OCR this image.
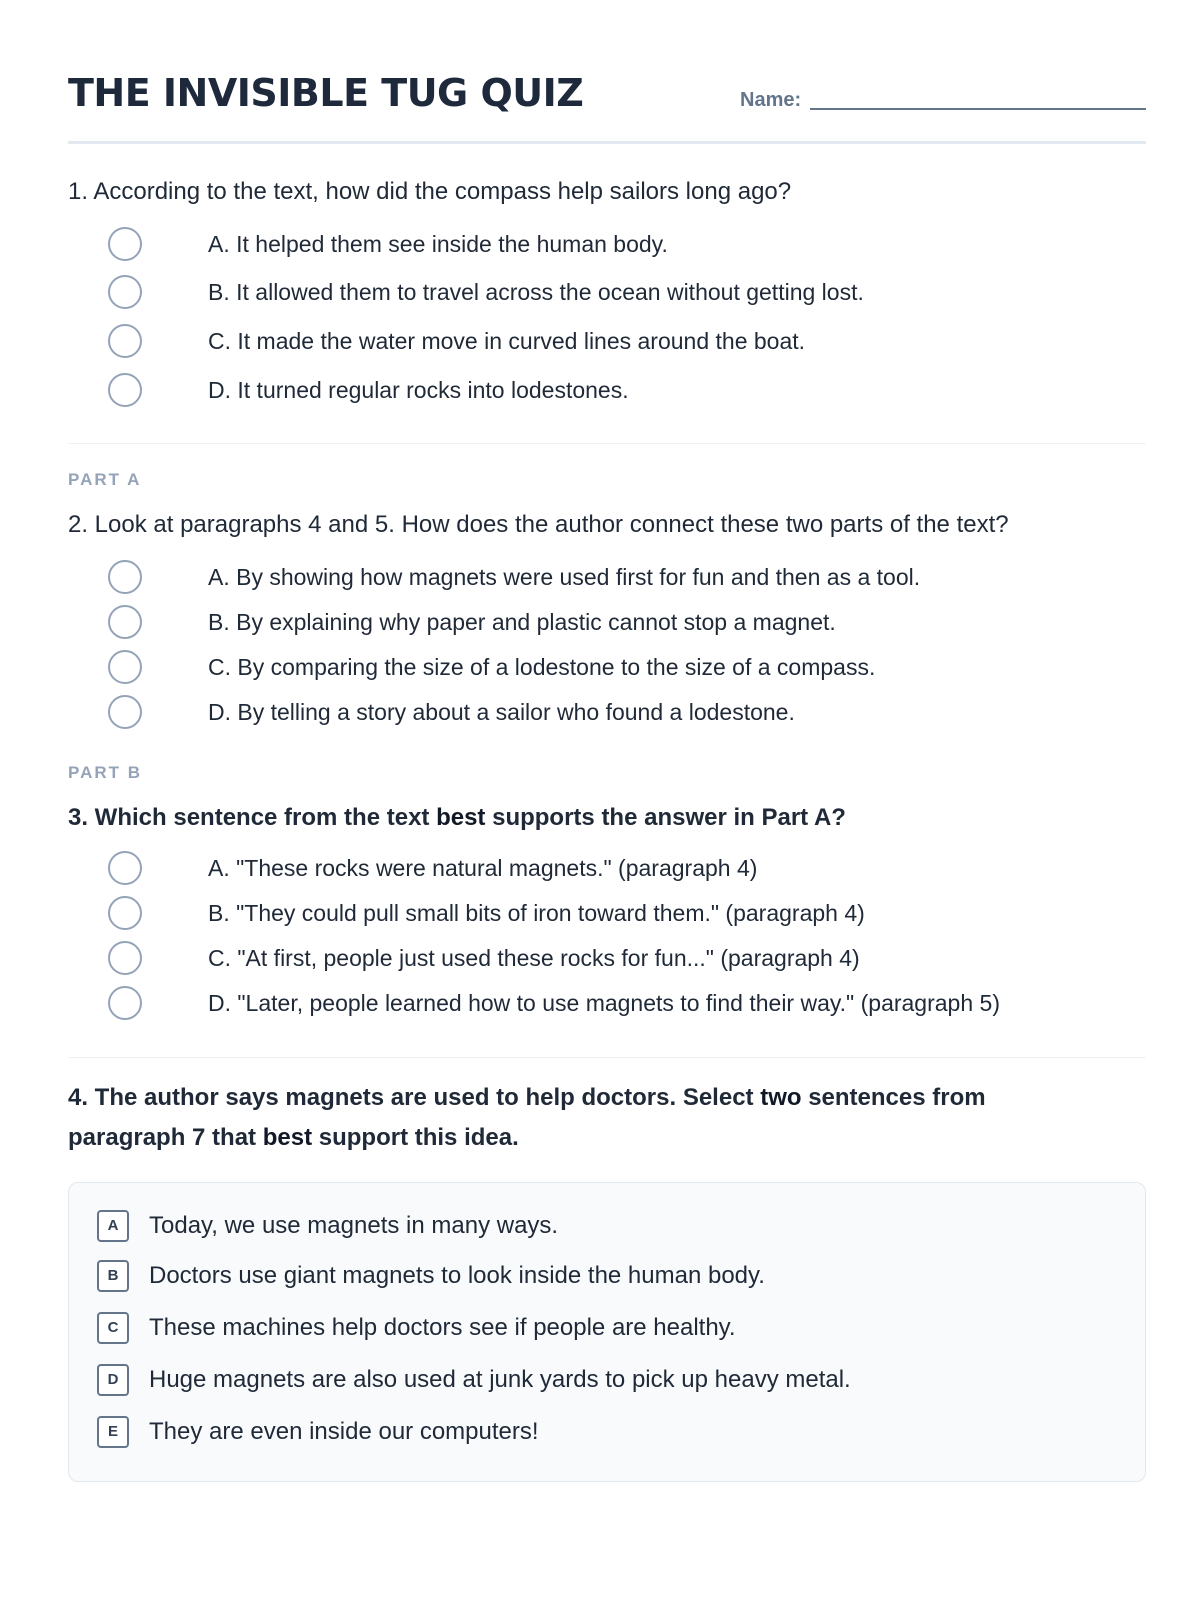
THE INVISIBLE TUG QUIZ	Name:
1. According to the text, how did the compass help sailors long ago?
A. It helped them see inside the human body.
B. It allowed them to travel across the ocean without getting lost.
C. It made the water move in curved lines around the boat.
D. It turned regular rocks into lodestones.
PART A
2. Look at paragraphs 4 and 5. How does the author connect these two parts of the text?
A. By showing how magnets were used first for fun and then as a tool.
B. By explaining why paper and plastic cannot stop a magnet.
C. By comparing the size of a lodestone to the size of a compass.
D. By telling a story about a sailor who found a lodestone.
PART B
3. Which sentence from the text best supports the answer in Part A?
A. "These rocks were natural magnets." (paragraph 4)
B. "They could pull small bits of iron toward them." (paragraph 4)
C. "At first, people just used these rocks for fun..." (paragraph 4)
D. "Later, people learned how to use magnets to find their way." (paragraph 5)
4. The author says magnets are used to help doctors. Select two sentences from
paragraph 7 that best support this idea.
A	Today, we use magnets in many ways.
B	Doctors use giant magnets to look inside the human body.
C	These machines help doctors see if people are healthy.
D	Huge magnets are also used at junk yards to pick up heavy metal.
E	They are even inside our computers!
